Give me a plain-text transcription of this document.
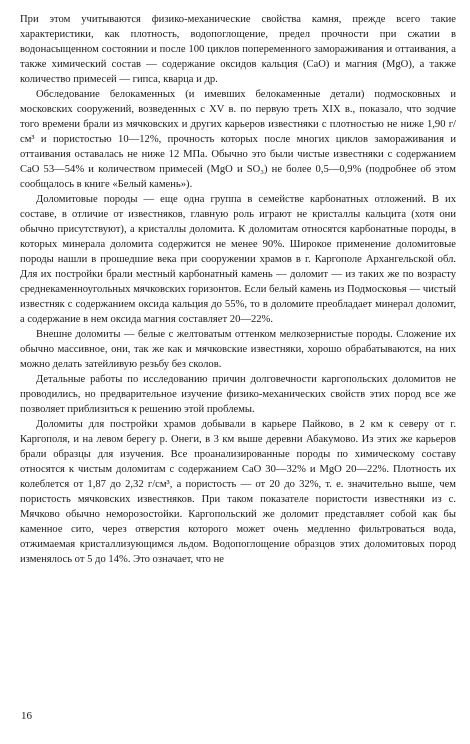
При этом учитываются физико-механические свойства камня, прежде всего такие характеристики, как плотность, водопоглощение, предел прочности при сжатии в водонасыщенном состоянии и после 100 циклов попеременного замораживания и оттаивания, а также химический состав — содержание оксидов кальция (CaO) и магния (MgO), а также количество примесей — гипса, кварца и др.

Обследование белокаменных (и имевших белокаменные детали) подмосковных и московских сооружений, возведенных с XV в. по первую треть XIX в., показало, что зодчие того времени брали из мячковских и других карьеров известняки с плотностью не ниже 1,90 г/см³ и пористостью 10—12%, прочность которых после многих циклов замораживания и оттаивания оставалась не ниже 12 МПа. Обычно это были чистые известняки с содержанием CaO 53—54% и количеством примесей (MgO и SO₃) не более 0,5—0,9% (подробнее об этом сообщалось в книге «Белый камень»).

Доломитовые породы — еще одна группа в семействе карбонатных отложений. В их составе, в отличие от известняков, главную роль играют не кристаллы кальцита (хотя они обычно присутствуют), а кристаллы доломита. К доломитам относятся карбонатные породы, в которых минерала доломита содержится не менее 90%. Широкое применение доломитовые породы нашли в прошедшие века при сооружении храмов в г. Каргополе Архангельской обл. Для их постройки брали местный карбонатный камень — доломит — из таких же по возрасту среднекаменноугольных мячковских горизонтов. Если белый камень из Подмосковья — чистый известняк с содержанием оксида кальция до 55%, то в доломите преобладает минерал доломит, а содержание в нем оксида магния составляет 20—22%.

Внешне доломиты — белые с желтоватым оттенком мелкозернистые породы. Сложение их обычно массивное, они, так же как и мячковские известняки, хорошо обрабатываются, на них можно делать затейливую резьбу без сколов.

Детальные работы по исследованию причин долговечности каргопольских доломитов не проводились, но предварительное изучение физико-механических свойств этих пород все же позволяет приблизиться к решению этой проблемы.

Доломиты для постройки храмов добывали в карьере Пайково, в 2 км к северу от г. Каргополя, и на левом берегу р. Онеги, в 3 км выше деревни Абакумово. Из этих же карьеров брали образцы для изучения. Все проанализированные породы по химическому составу относятся к чистым доломитам с содержанием CaO 30—32% и MgO 20—22%. Плотность их колеблется от 1,87 до 2,32 г/см³, а пористость — от 20 до 32%, т. е. значительно выше, чем пористость мячковских известняков. При таком показателе пористости известняки из с. Мячково обычно неморозостойки. Каргопольский же доломит представляет собой как бы каменное сито, через отверстия которого может очень медленно фильтроваться вода, отжимаемая кристаллизующимся льдом. Водопоглощение образцов этих доломитовых пород изменялось от 5 до 14%. Это означает, что не

16
